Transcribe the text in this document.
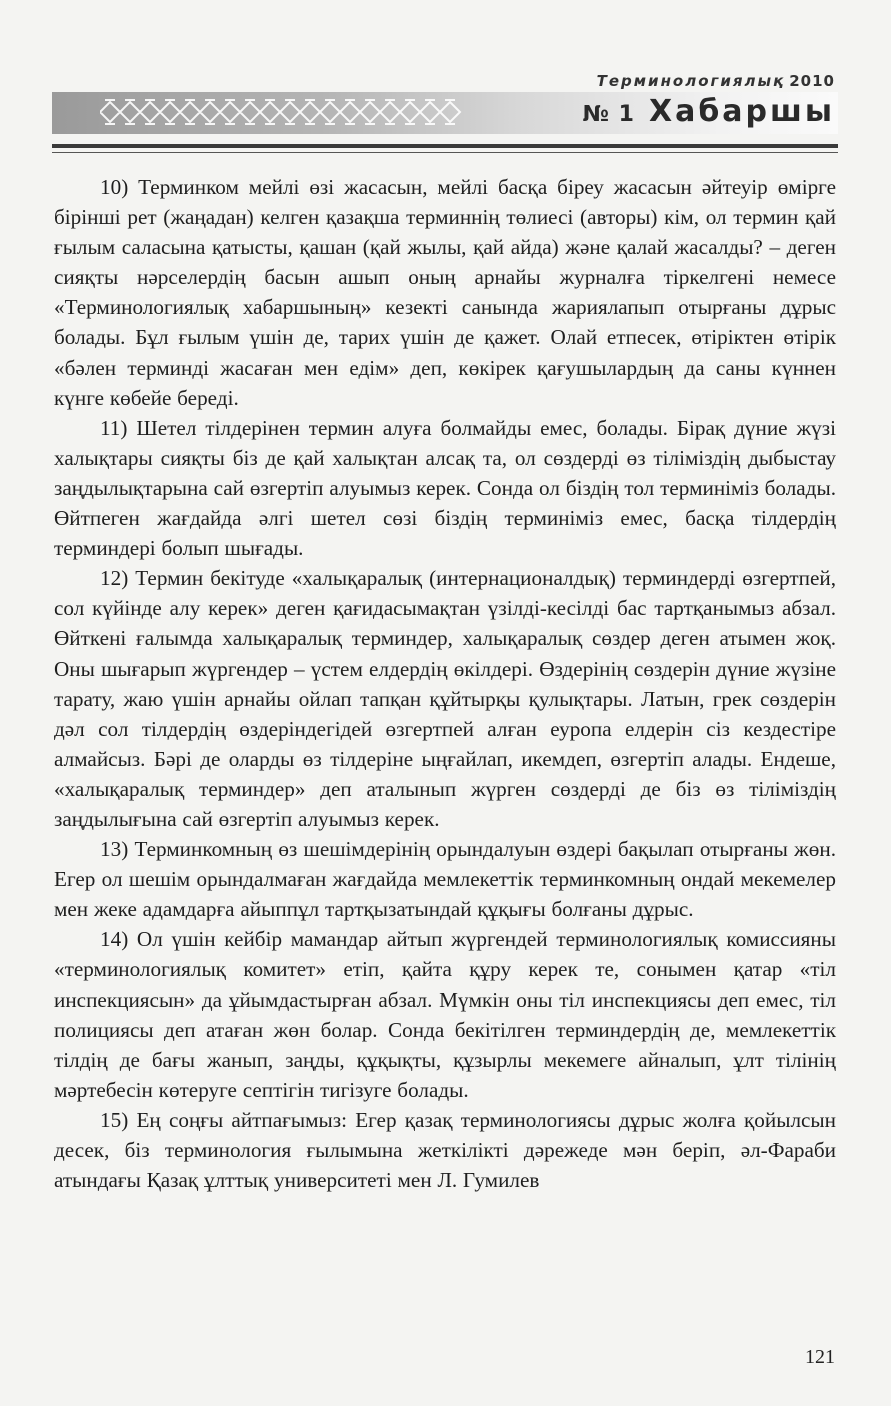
Терминологиялық 2010
№ 1 Хабаршы

10) Терминком мейлі өзі жасасын, мейлі басқа біреу жасасын әйтеуір өмірге бірінші рет (жаңадан) келген қазақша терминнің төлиесі (авторы) кім, ол термин қай ғылым саласына қатысты, қашан (қай жылы, қай айда) және қалай жасалды? – деген сияқты нәрселердің басын ашып оның арнайы журналға тіркелгені немесе «Терминологиялық хабаршының» кезекті санында жариялапып отырғаны дұрыс болады. Бұл ғылым үшін де, тарих үшін де қажет. Олай етпесек, өтіріктен өтірік «бәлен терминді жасаған мен едім» деп, көкірек қағушылардың да саны күннен күнге көбейе береді.

11) Шетел тілдерінен термин алуға болмайды емес, болады. Бірақ дүние жүзі халықтары сияқты біз де қай халықтан алсақ та, ол сөздерді өз тіліміздің дыбыстау заңдылықтарына сай өзгертіп алуымыз керек. Сонда ол біздің тол терминіміз болады. Өйтпеген жағдайда әлгі шетел сөзі біздің терминіміз емес, басқа тілдердің терминдері болып шығады.

12) Термин бекітуде «халықаралық (интернационалдық) терминдерді өзгертпей, сол күйінде алу керек» деген қағидасымақтан үзілді-кесілді бас тартқанымыз абзал. Өйткені ғалымда халықаралық терминдер, халықаралық сөздер деген атымен жоқ. Оны шығарып жүргендер – үстем елдердің өкілдері. Өздерінің сөздерін дүние жүзіне тарату, жаю үшін арнайы ойлап тапқан құйтырқы қулықтары. Латын, грек сөздерін дәл сол тілдердің өздеріндегідей өзгертпей алған еуропа елдерін сіз кездестіре алмайсыз. Бәрі де оларды өз тілдеріне ыңғайлап, икемдеп, өзгертіп алады. Ендеше, «халықаралық терминдер» деп аталынып жүрген сөздерді де біз өз тіліміздің заңдылығына сай өзгертіп алуымыз керек.

13) Терминкомның өз шешімдерінің орындалуын өздері бақылап отырғаны жөн. Егер ол шешім орындалмаған жағдайда мемлекеттік терминкомның ондай мекемелер мен жеке адамдарға айыппұл тартқызатындай құқығы болғаны дұрыс.

14) Ол үшін кейбір мамандар айтып жүргендей терминологиялық комиссияны «терминологиялық комитет» етіп, қайта құру керек те, сонымен қатар «тіл инспекциясын» да ұйымдастырған абзал. Мүмкін оны тіл инспекциясы деп емес, тіл полициясы деп атаған жөн болар. Сонда бекітілген терминдердің де, мемлекеттік тілдің де бағы жанып, заңды, құқықты, құзырлы мекемеге айналып, ұлт тілінің мәртебесін көтеруге септігін тигізуге болады.

15) Ең соңғы айтпағымыз: Егер қазақ терминологиясы дұрыс жолға қойылсын десек, біз терминология ғылымына жеткілікті дәрежеде мән беріп, әл-Фараби атындағы Қазақ ұлттық университеті мен Л. Гумилев

121
